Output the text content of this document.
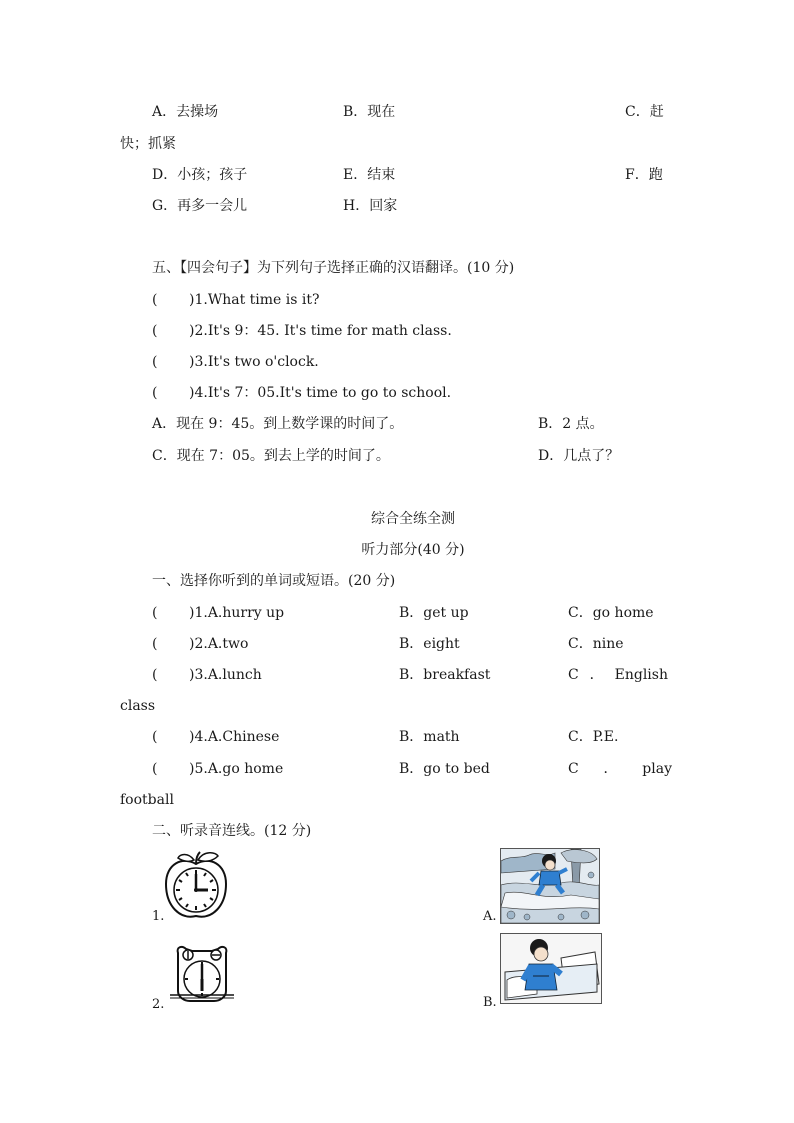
A．去操场	B．现在	C．赶
快；抓紧
D．小孩；孩子	E．结束	F．跑
G．再多一会儿	H．回家
五、【四会句子】为下列句子选择正确的汉语翻译。(10 分)
( )1.What time is it?
( )2.It's 9：45. It's time for math class.
( )3.It's two o'clock.
( )4.It's 7：05.It's time to go to school.
A．现在 9：45。到上数学课的时间了。	B．2 点。
C．现在 7：05。到去上学的时间了。	D．几点了？
综合全练全测
听力部分(40 分)
一、选择你听到的单词或短语。(20 分)
( )1.A.hurry up	B．get up	C．go home
( )2.A.two	B．eight	C．nine
( )3.A.lunch	B．breakfast	C．English
class
( )4.A.Chinese	B．math	C．P.E.
( )5.A.go home	B．go to bed	C．play
football
二、听录音连线。(12 分)
1.
2.
A.
B.
